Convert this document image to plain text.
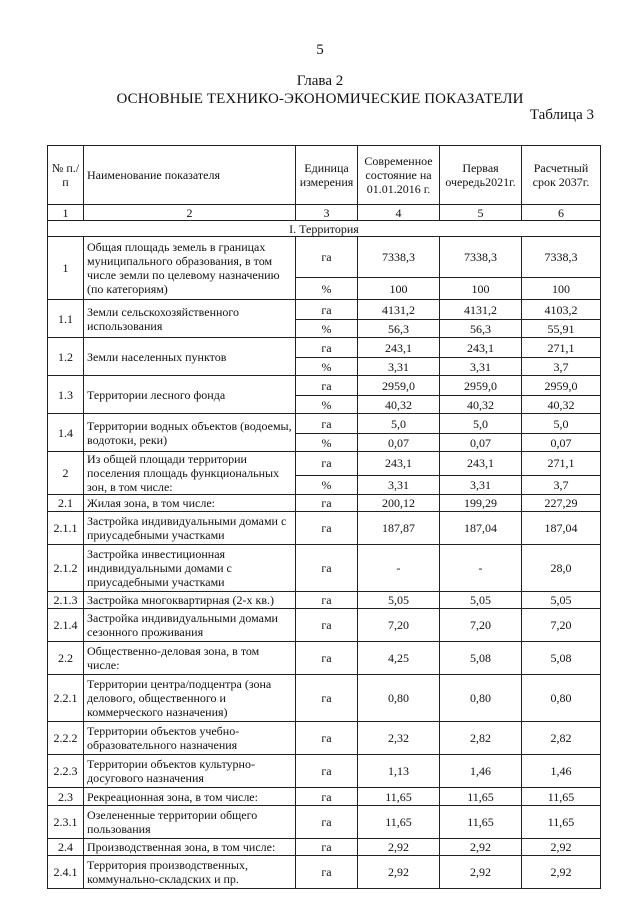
5
Глава 2
ОСНОВНЫЕ ТЕХНИКО-ЭКОНОМИЧЕСКИЕ ПОКАЗАТЕЛИ
Таблица 3
№ п./п	Наименование показателя	Единица измерения	Современное состояние на 01.01.2016 г.	Первая очередь2021г.	Расчетный срок 2037г.
1	2	3	4	5	6
I. Территория					
1	Общая площадь земель в границах муниципального образования, в том числе земли по целевому назначению (по категориям)	га	7338,3	7338,3	7338,3
		%	100	100	100
1.1	Земли сельскохозяйственного использования	га	4131,2	4131,2	4103,2
		%	56,3	56,3	55,91
1.2	Земли населенных пунктов	га	243,1	243,1	271,1
		%	3,31	3,31	3,7
1.3	Территории лесного фонда	га	2959,0	2959,0	2959,0
		%	40,32	40,32	40,32
1.4	Территории водных объектов (водоемы, водотоки, реки)	га	5,0	5,0	5,0
		%	0,07	0,07	0,07
2	Из общей площади территории поселения площадь функциональных зон, в том числе:	га	243,1	243,1	271,1
		%	3,31	3,31	3,7
2.1	Жилая зона, в том числе:	га	200,12	199,29	227,29
2.1.1	Застройка индивидуальными домами с приусадебными участками	га	187,87	187,04	187,04
2.1.2	Застройка инвестиционная индивидуальными домами с приусадебными участками	га	-	-	28,0
2.1.3	Застройка многоквартирная (2-х кв.)	га	5,05	5,05	5,05
2.1.4	Застройка индивидуальными домами сезонного проживания	га	7,20	7,20	7,20
2.2	Общественно-деловая зона, в том числе:	га	4,25	5,08	5,08
2.2.1	Территории центра/подцентра (зона делового, общественного и коммерческого назначения)	га	0,80	0,80	0,80
2.2.2	Территории объектов учебно-образовательного назначения	га	2,32	2,82	2,82
2.2.3	Территории объектов культурно-досугового назначения	га	1,13	1,46	1,46
2.3	Рекреационная зона, в том числе:	га	11,65	11,65	11,65
2.3.1	Озелененные территории общего пользования	га	11,65	11,65	11,65
2.4	Производственная зона, в том числе:	га	2,92	2,92	2,92
2.4.1	Территория производственных, коммунально-складских и пр.	га	2,92	2,92	2,92
